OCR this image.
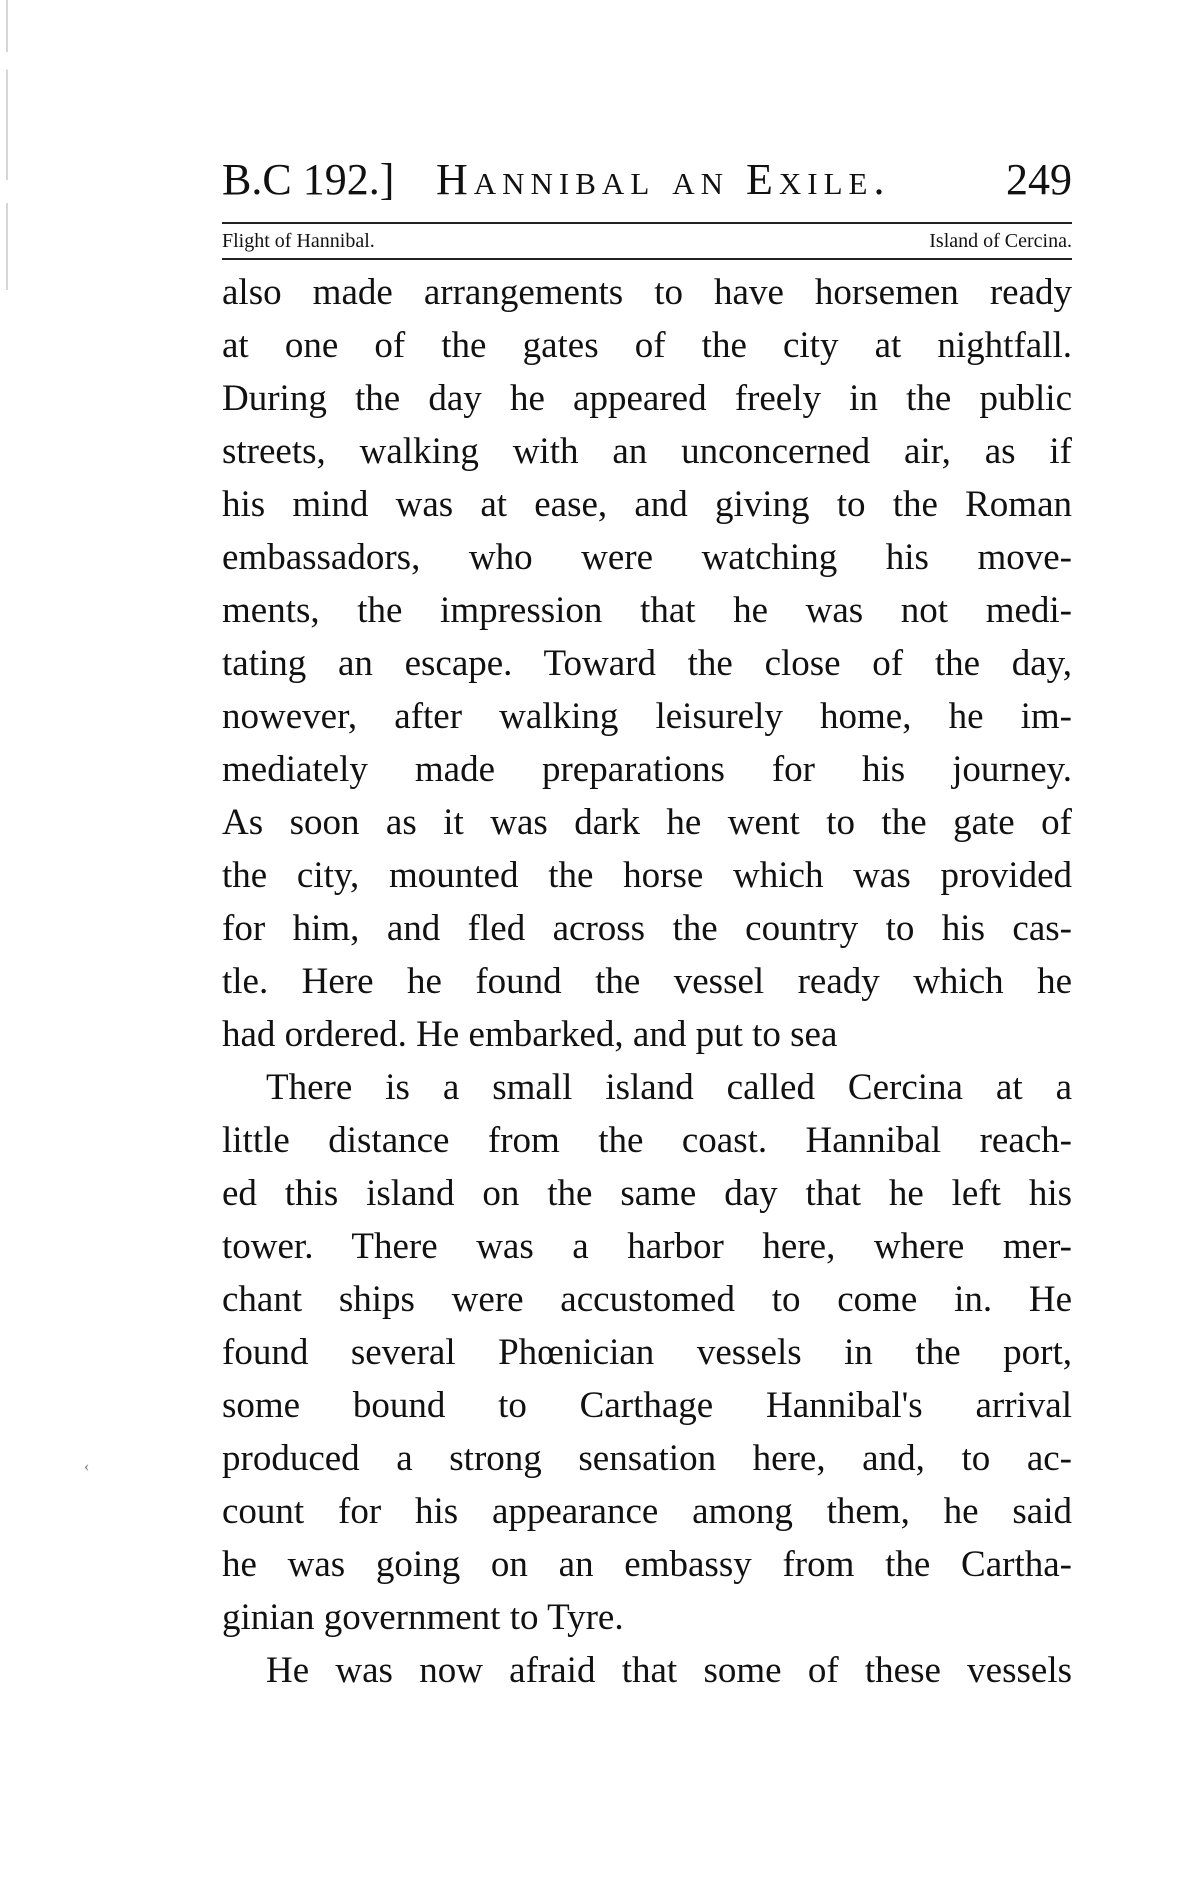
B.C 192.] Hannibal an Exile.	249
Flight of Hannibal.	Island of Cercina.
also made arrangements to have horsemen ready
at one of the gates of the city at nightfall.
During the day he appeared freely in the public
streets, walking with an unconcerned air, as if
his mind was at ease, and giving to the Roman
embassadors, who were watching his move-
ments, the impression that he was not medi-
tating an escape. Toward the close of the day,
nowever, after walking leisurely home, he im-
mediately made preparations for his journey.
As soon as it was dark he went to the gate of
the city, mounted the horse which was provided
for him, and fled across the country to his cas-
tle. Here he found the vessel ready which he
had ordered. He embarked, and put to sea
There is a small island called Cercina at a
little distance from the coast. Hannibal reach-
ed this island on the same day that he left his
tower. There was a harbor here, where mer-
chant ships were accustomed to come in. He
found several Phœnician vessels in the port,
some bound to Carthage Hannibal's arrival
produced a strong sensation here, and, to ac-
count for his appearance among them, he said
he was going on an embassy from the Cartha-
ginian government to Tyre.
He was now afraid that some of these vessels
‹
